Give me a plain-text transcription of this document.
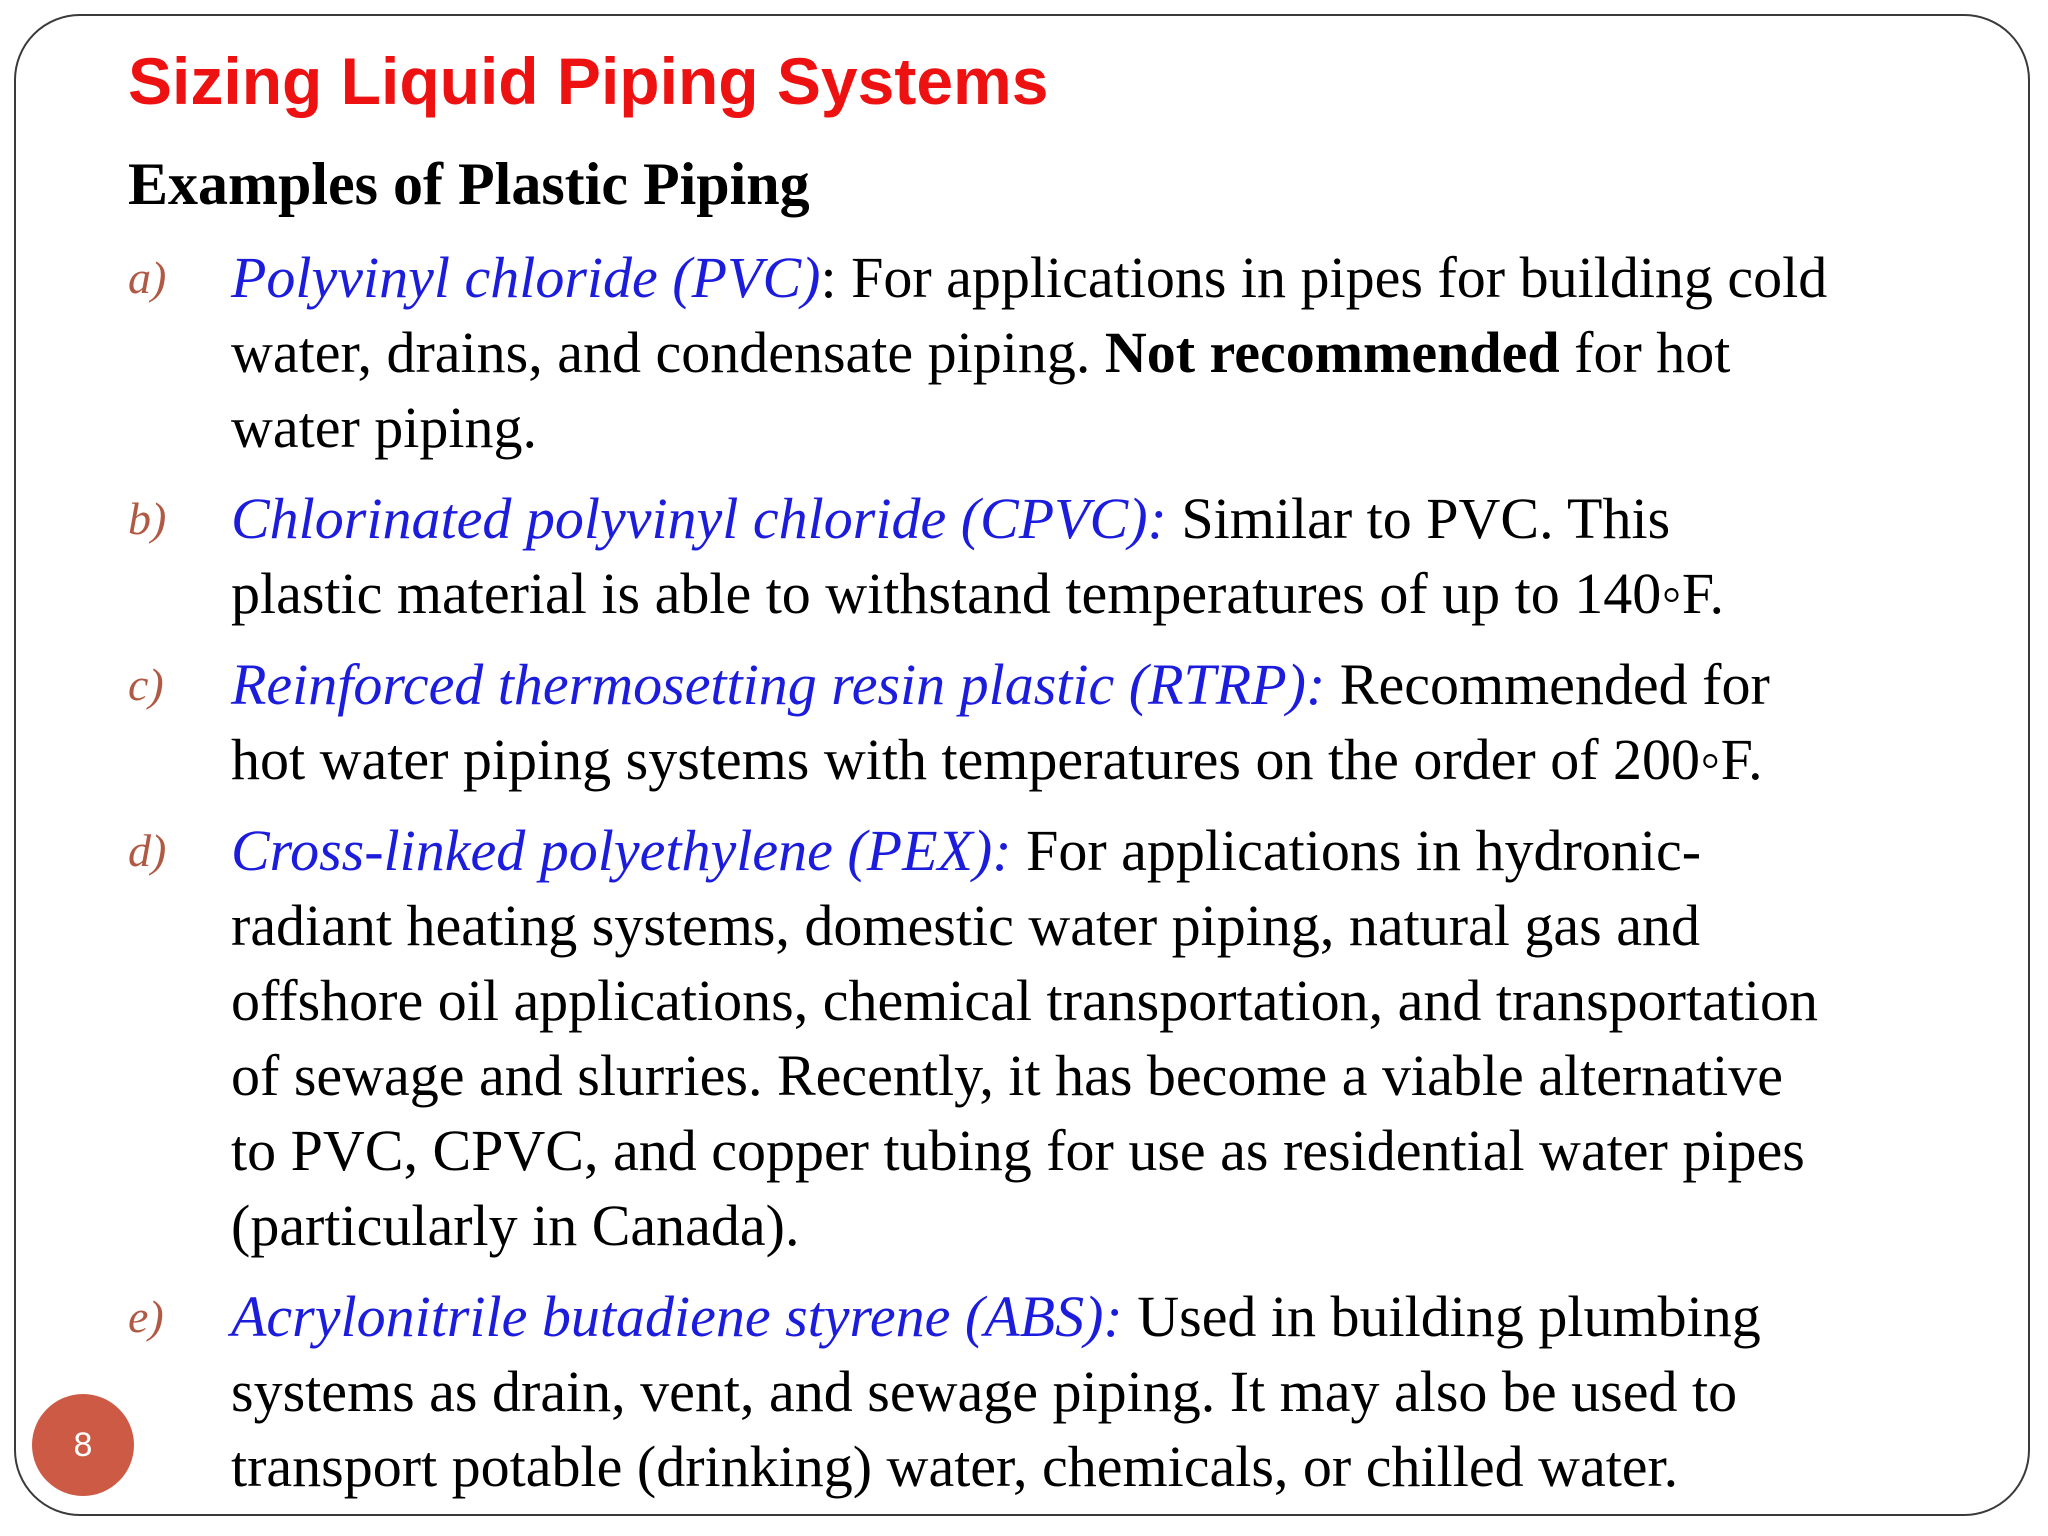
Sizing Liquid Piping Systems
Examples of Plastic Piping
a) Polyvinyl chloride (PVC): For applications in pipes for building cold
water, drains, and condensate piping. Not recommended for hot
water piping.
b) Chlorinated polyvinyl chloride (CPVC): Similar to PVC. This
plastic material is able to withstand temperatures of up to 140◦F.
c) Reinforced thermosetting resin plastic (RTRP): Recommended for
hot water piping systems with temperatures on the order of 200◦F.
d) Cross-linked polyethylene (PEX): For applications in hydronic-
radiant heating systems, domestic water piping, natural gas and
offshore oil applications, chemical transportation, and transportation
of sewage and slurries. Recently, it has become a viable alternative
to PVC, CPVC, and copper tubing for use as residential water pipes
(particularly in Canada).
e) Acrylonitrile butadiene styrene (ABS): Used in building plumbing
systems as drain, vent, and sewage piping. It may also be used to
transport potable (drinking) water, chemicals, or chilled water.
8
